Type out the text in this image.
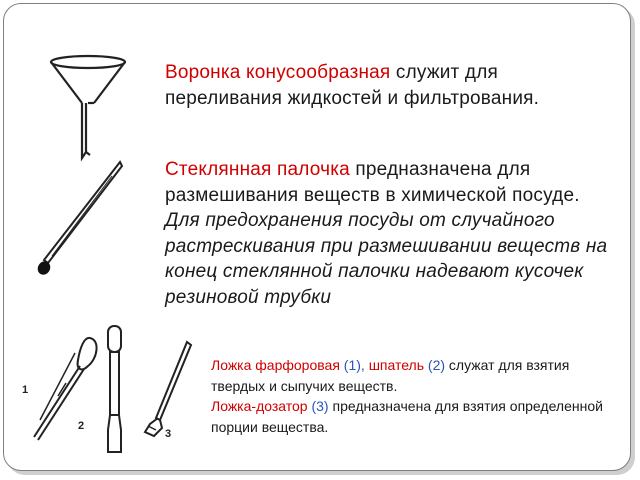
1
2
3
Воронка конусообразная служит для переливания жидкостей и фильтрования.
Стеклянная палочка предназначена для размешивания веществ в химической посуде. Для предохранения посуды от случайного растрескивания при размешивании веществ на конец стеклянной палочки надевают кусочек резиновой трубки
Ложка фарфоровая (1), шпатель (2) служат для взятия твердых и сыпучих веществ.
Ложка-дозатор (3) предназначена для взятия определенной порции вещества.
